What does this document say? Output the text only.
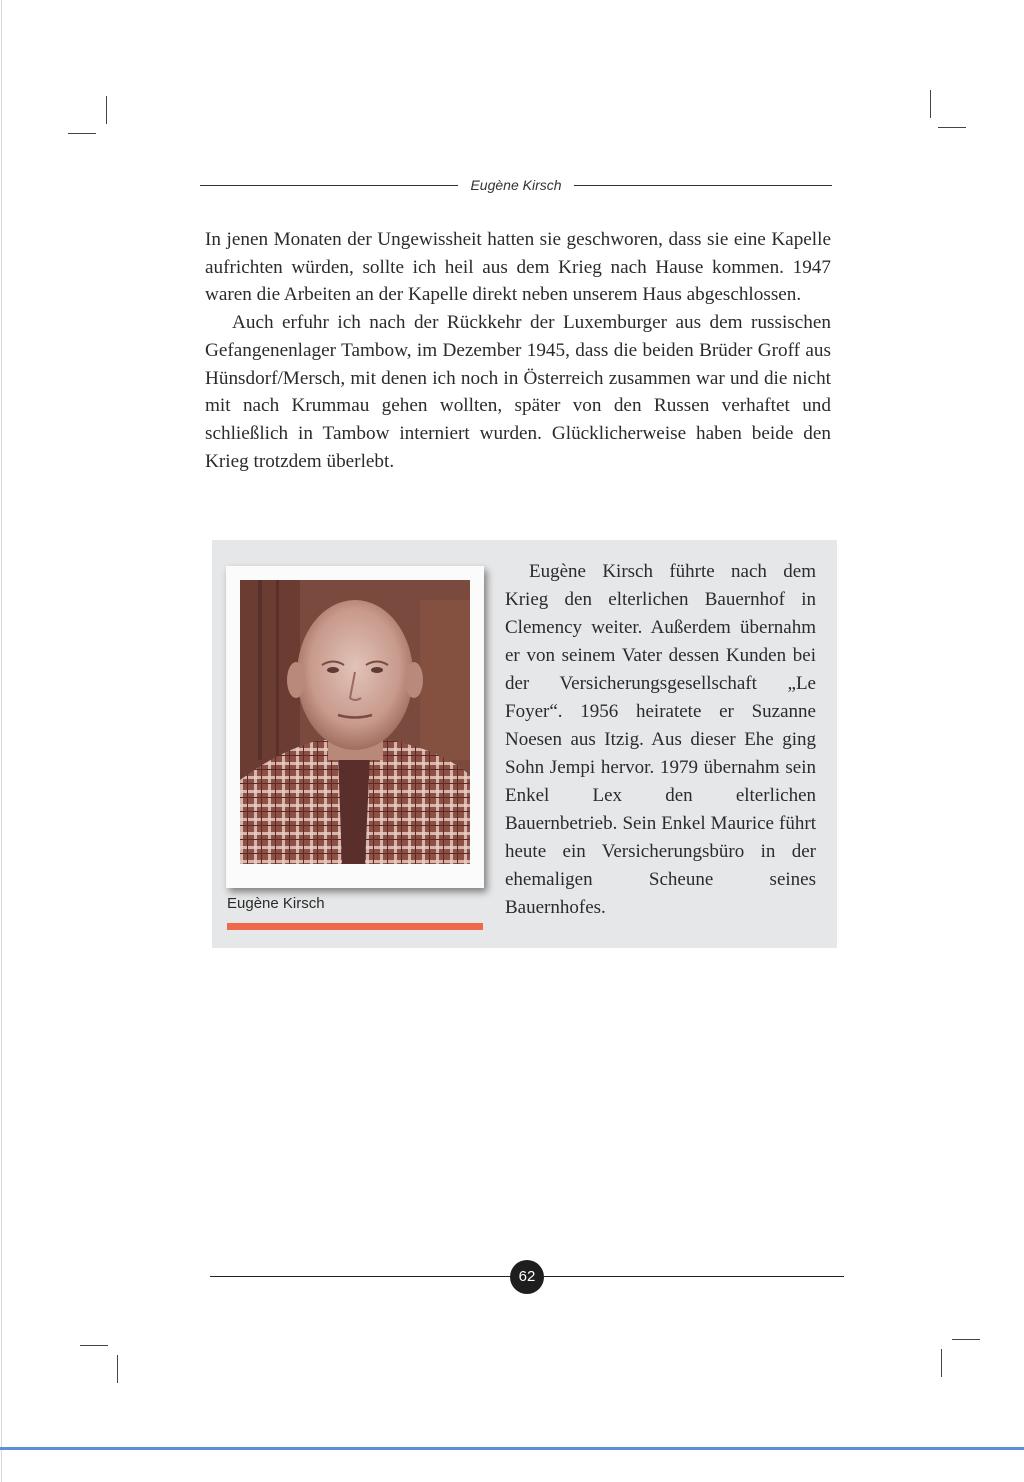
Eugène Kirsch

In jenen Monaten der Ungewissheit hatten sie geschworen, dass sie eine Kapelle aufrichten würden, sollte ich heil aus dem Krieg nach Hause kommen. 1947 waren die Arbeiten an der Kapelle direkt neben unserem Haus abgeschlossen.

Auch erfuhr ich nach der Rückkehr der Luxemburger aus dem russischen Gefangenenlager Tambow, im Dezember 1945, dass die beiden Brüder Groff aus Hünsdorf/Mersch, mit denen ich noch in Österreich zusammen war und die nicht mit nach Krummau gehen wollten, später von den Russen verhaftet und schließlich in Tambow interniert wurden. Glücklicherweise haben beide den Krieg trotzdem überlebt.

Eugène Kirsch
Eugène Kirsch führte nach dem Krieg den elterlichen Bauernhof in Clemency weiter. Außerdem übernahm er von seinem Vater dessen Kunden bei der Versicherungsgesellschaft „Le Foyer“. 1956 heiratete er Suzanne Noesen aus Itzig. Aus dieser Ehe ging Sohn Jempi hervor. 1979 übernahm sein Enkel Lex den elterlichen Bauernbetrieb. Sein Enkel Maurice führt heute ein Versicherungsbüro in der ehemaligen Scheune seines Bauernhofes.
62
